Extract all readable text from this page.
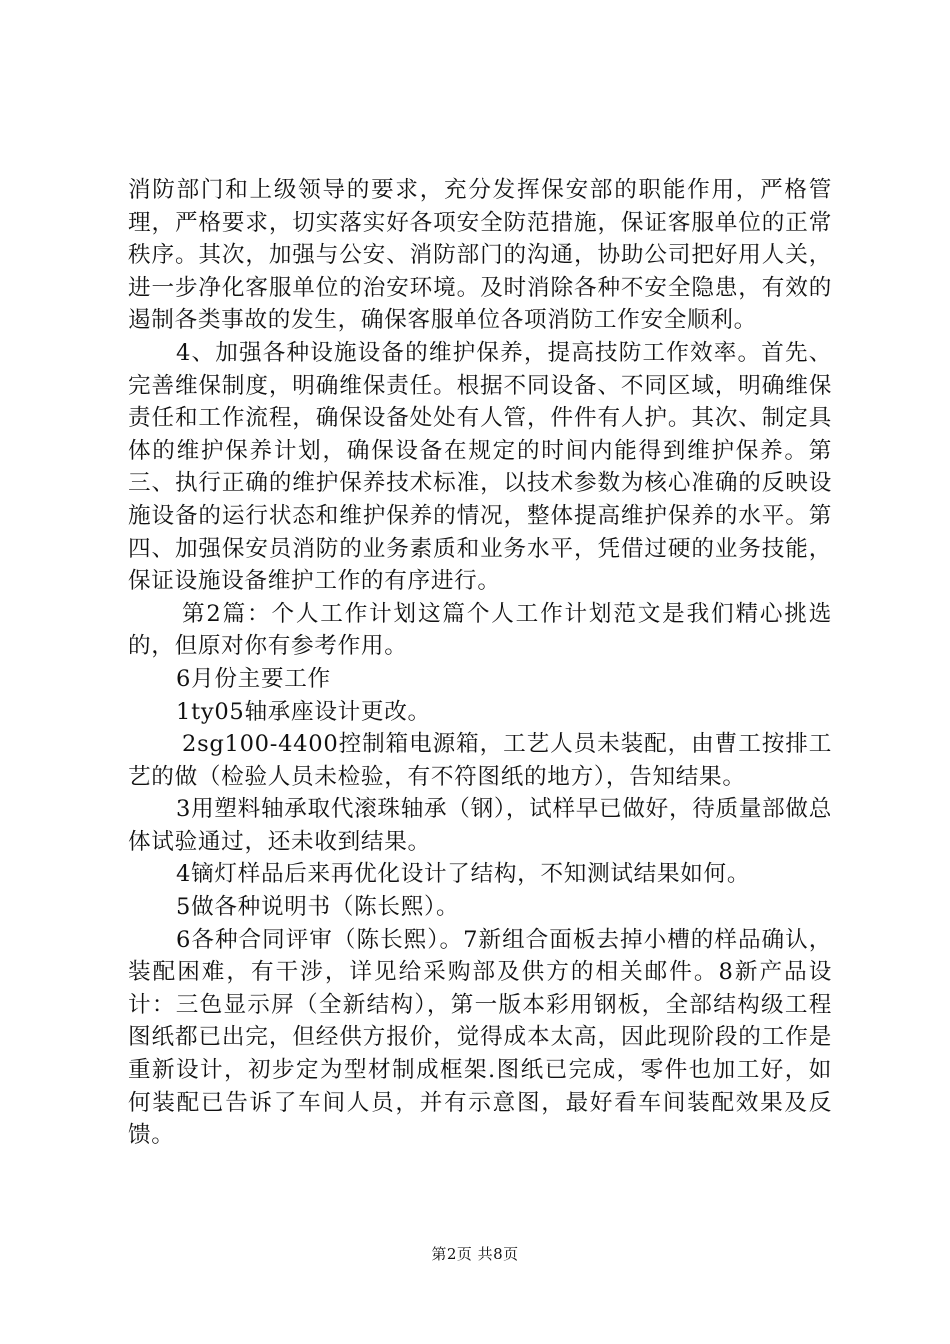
消防部门和上级领导的要求，充分发挥保安部的职能作用，严格管理，严格要求，切实落实好各项安全防范措施，保证客服单位的正常秩序。其次，加强与公安、消防部门的沟通，协助公司把好用人关，进一步净化客服单位的治安环境。及时消除各种不安全隐患，有效的遏制各类事故的发生，确保客服单位各项消防工作安全顺利。

4、加强各种设施设备的维护保养，提高技防工作效率。首先、完善维保制度，明确维保责任。根据不同设备、不同区域，明确维保责任和工作流程，确保设备处处有人管，件件有人护。其次、制定具体的维护保养计划，确保设备在规定的时间内能得到维护保养。第三、执行正确的维护保养技术标准，以技术参数为核心准确的反映设施设备的运行状态和维护保养的情况，整体提高维护保养的水平。第四、加强保安员消防的业务素质和业务水平，凭借过硬的业务技能，保证设施设备维护工作的有序进行。

第2篇：个人工作计划这篇个人工作计划范文是我们精心挑选的，但原对你有参考作用。

6月份主要工作

1ty05轴承座设计更改。

2sg100-4400控制箱电源箱，工艺人员未装配，由曹工按排工艺的做（检验人员未检验，有不符图纸的地方），告知结果。

3用塑料轴承取代滚珠轴承（钢），试样早已做好，待质量部做总体试验通过，还未收到结果。

4镝灯样品后来再优化设计了结构，不知测试结果如何。

5做各种说明书（陈长熙）。

6各种合同评审（陈长熙）。7新组合面板去掉小槽的样品确认，装配困难，有干涉，详见给采购部及供方的相关邮件。8新产品设计：三色显示屏（全新结构），第一版本彩用钢板，全部结构级工程图纸都已出完，但经供方报价，觉得成本太高，因此现阶段的工作是重新设计，初步定为型材制成框架.图纸已完成，零件也加工好，如何装配已告诉了车间人员，并有示意图，最好看车间装配效果及反馈。

第2页 共8页
